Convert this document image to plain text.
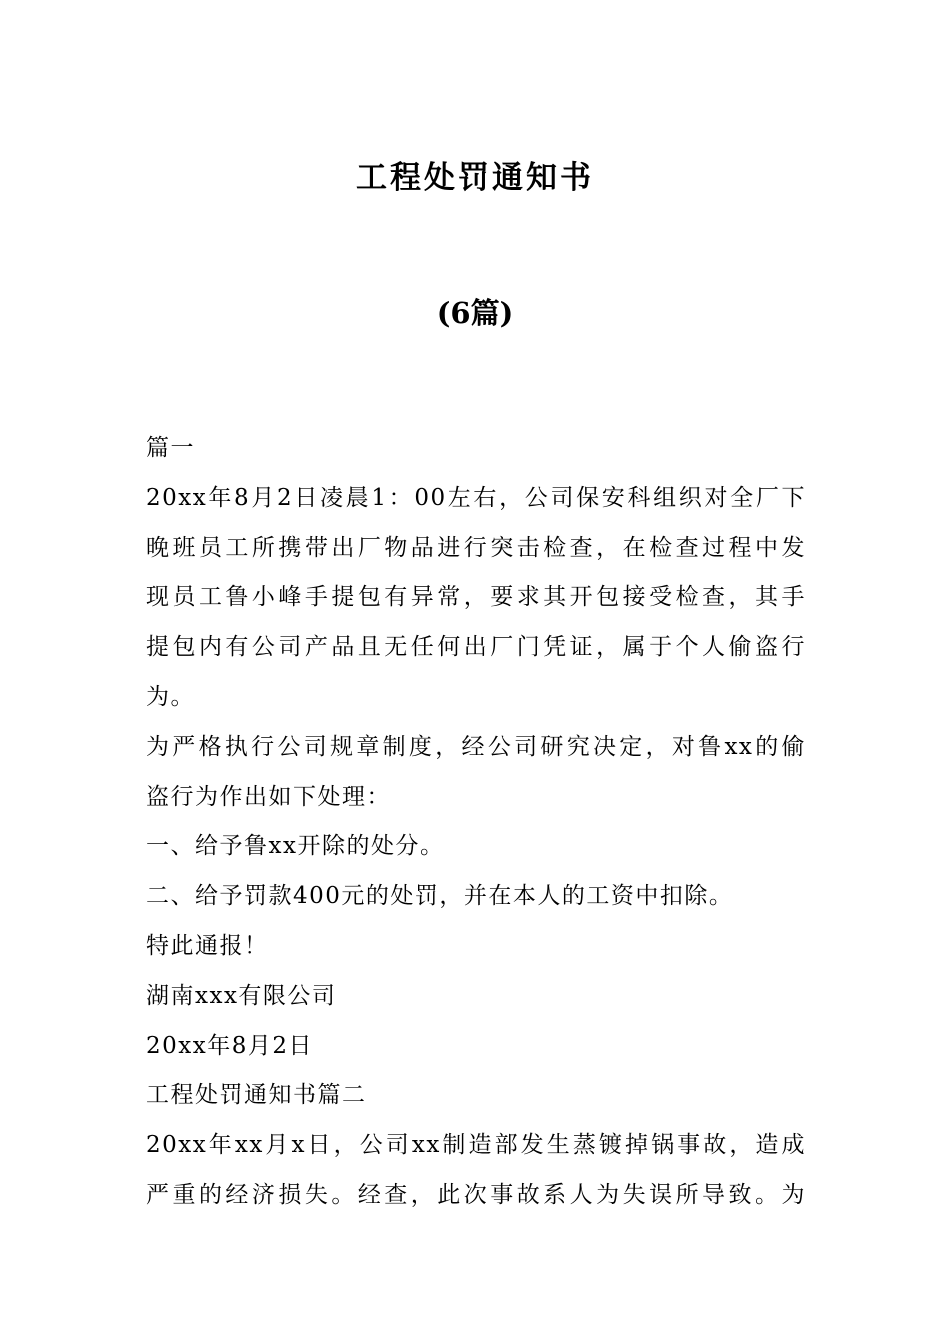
工程处罚通知书
(6篇)
篇一
20xx年8月2日凌晨1：00左右，公司保安科组织对全厂下
晚班员工所携带出厂物品进行突击检查，在检查过程中发
现员工鲁小峰手提包有异常，要求其开包接受检查，其手
提包内有公司产品且无任何出厂门凭证，属于个人偷盗行
为。
为严格执行公司规章制度，经公司研究决定，对鲁xx的偷
盗行为作出如下处理：
一、给予鲁xx开除的处分。
二、给予罚款400元的处罚，并在本人的工资中扣除。
特此通报！
湖南xxx有限公司
20xx年8月2日
工程处罚通知书篇二
20xx年xx月x日，公司xx制造部发生蒸镀掉锅事故，造成
严重的经济损失。经查，此次事故系人为失误所导致。为
